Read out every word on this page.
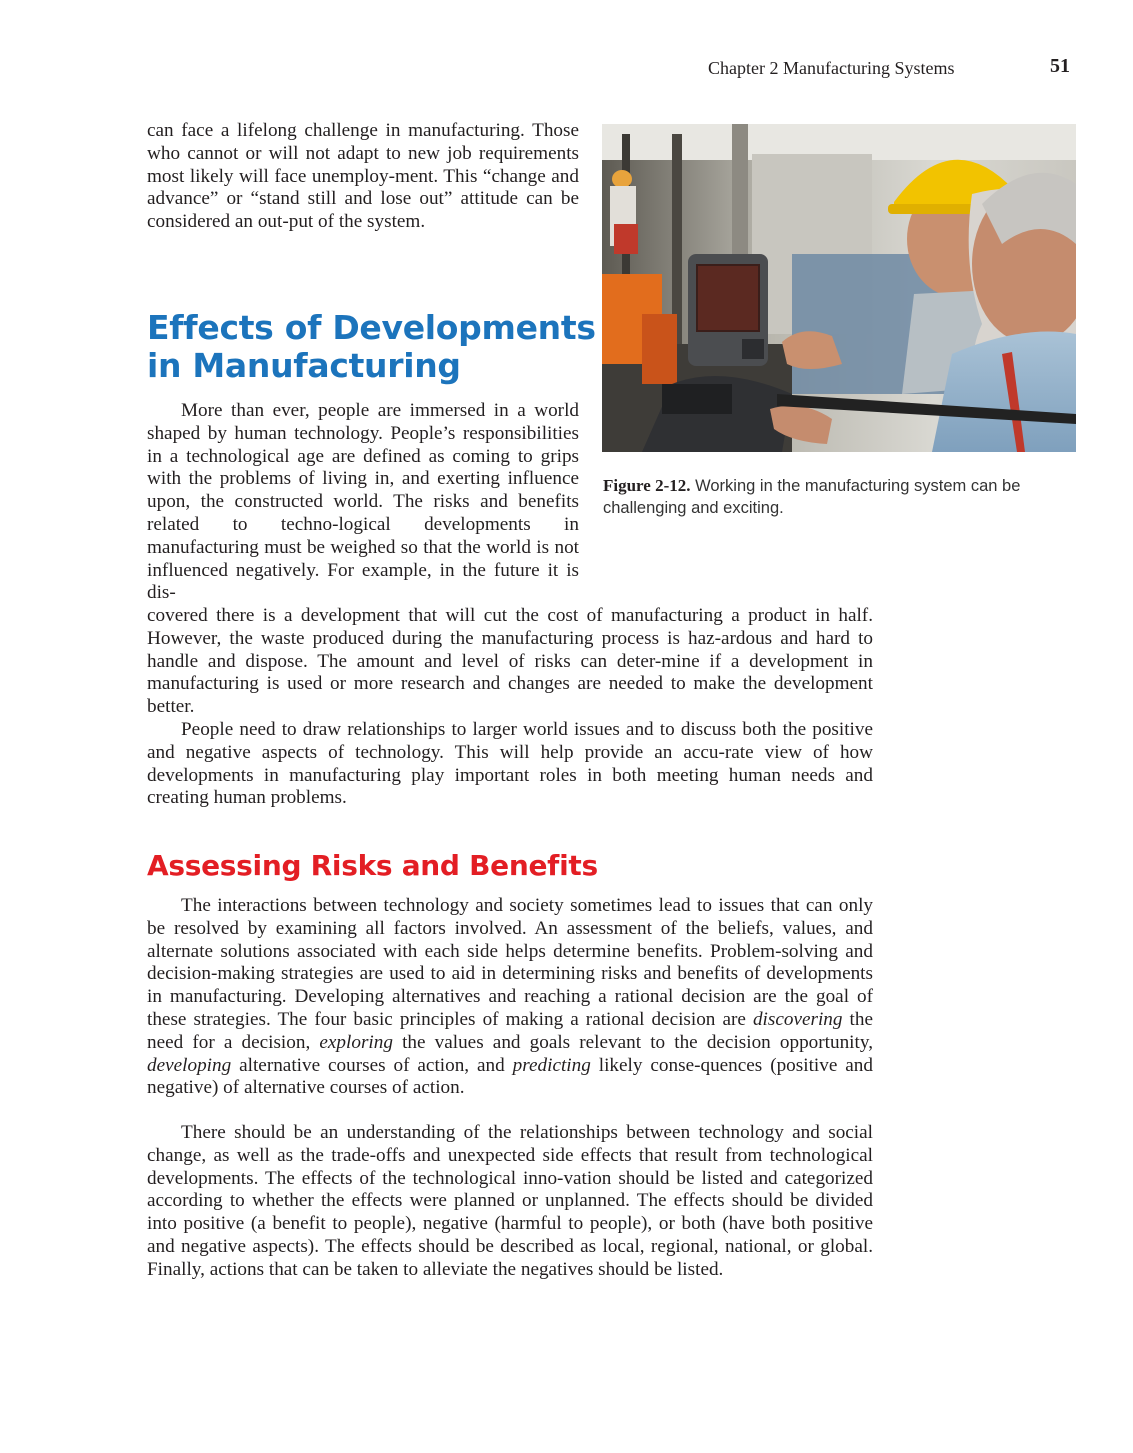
Chapter 2 Manufacturing Systems	51

can face a lifelong challenge in manufacturing. Those who cannot or will not adapt to new job requirements most likely will face unemploy-ment. This “change and advance” or “stand still and lose out” attitude can be considered an out-put of the system.

Effects of Developments
in Manufacturing

More than ever, people are immersed in a world shaped by human technology. People’s responsibilities in a technological age are defined as coming to grips with the problems of living in, and exerting influence upon, the constructed world. The risks and benefits related to techno-logical developments in manufacturing must be weighed so that the world is not influenced negatively. For example, in the future it is dis-

covered there is a development that will cut the cost of manufacturing a product in half. However, the waste produced during the manufacturing process is haz-ardous and hard to handle and dispose. The amount and level of risks can deter-mine if a development in manufacturing is used or more research and changes are needed to make the development better.

People need to draw relationships to larger world issues and to discuss both the positive and negative aspects of technology. This will help provide an accu-rate view of how developments in manufacturing play important roles in both meeting human needs and creating human problems.

Assessing Risks and Benefits

The interactions between technology and society sometimes lead to issues that can only be resolved by examining all factors involved. An assessment of the beliefs, values, and alternate solutions associated with each side helps determine benefits. Problem-solving and decision-making strategies are used to aid in determining risks and benefits of developments in manufacturing. Developing alternatives and reaching a rational decision are the goal of these strategies. The four basic principles of making a rational decision are discovering the need for a decision, exploring the values and goals relevant to the decision opportunity, developing alternative courses of action, and predicting likely conse-quences (positive and negative) of alternative courses of action.

There should be an understanding of the relationships between technology and social change, as well as the trade-offs and unexpected side effects that result from technological developments. The effects of the technological inno-vation should be listed and categorized according to whether the effects were planned or unplanned. The effects should be divided into positive (a benefit to people), negative (harmful to people), or both (have both positive and negative aspects). The effects should be described as local, regional, national, or global. Finally, actions that can be taken to alleviate the negatives should be listed.

Figure 2-12. Working in the manufacturing system can be challenging and exciting.
